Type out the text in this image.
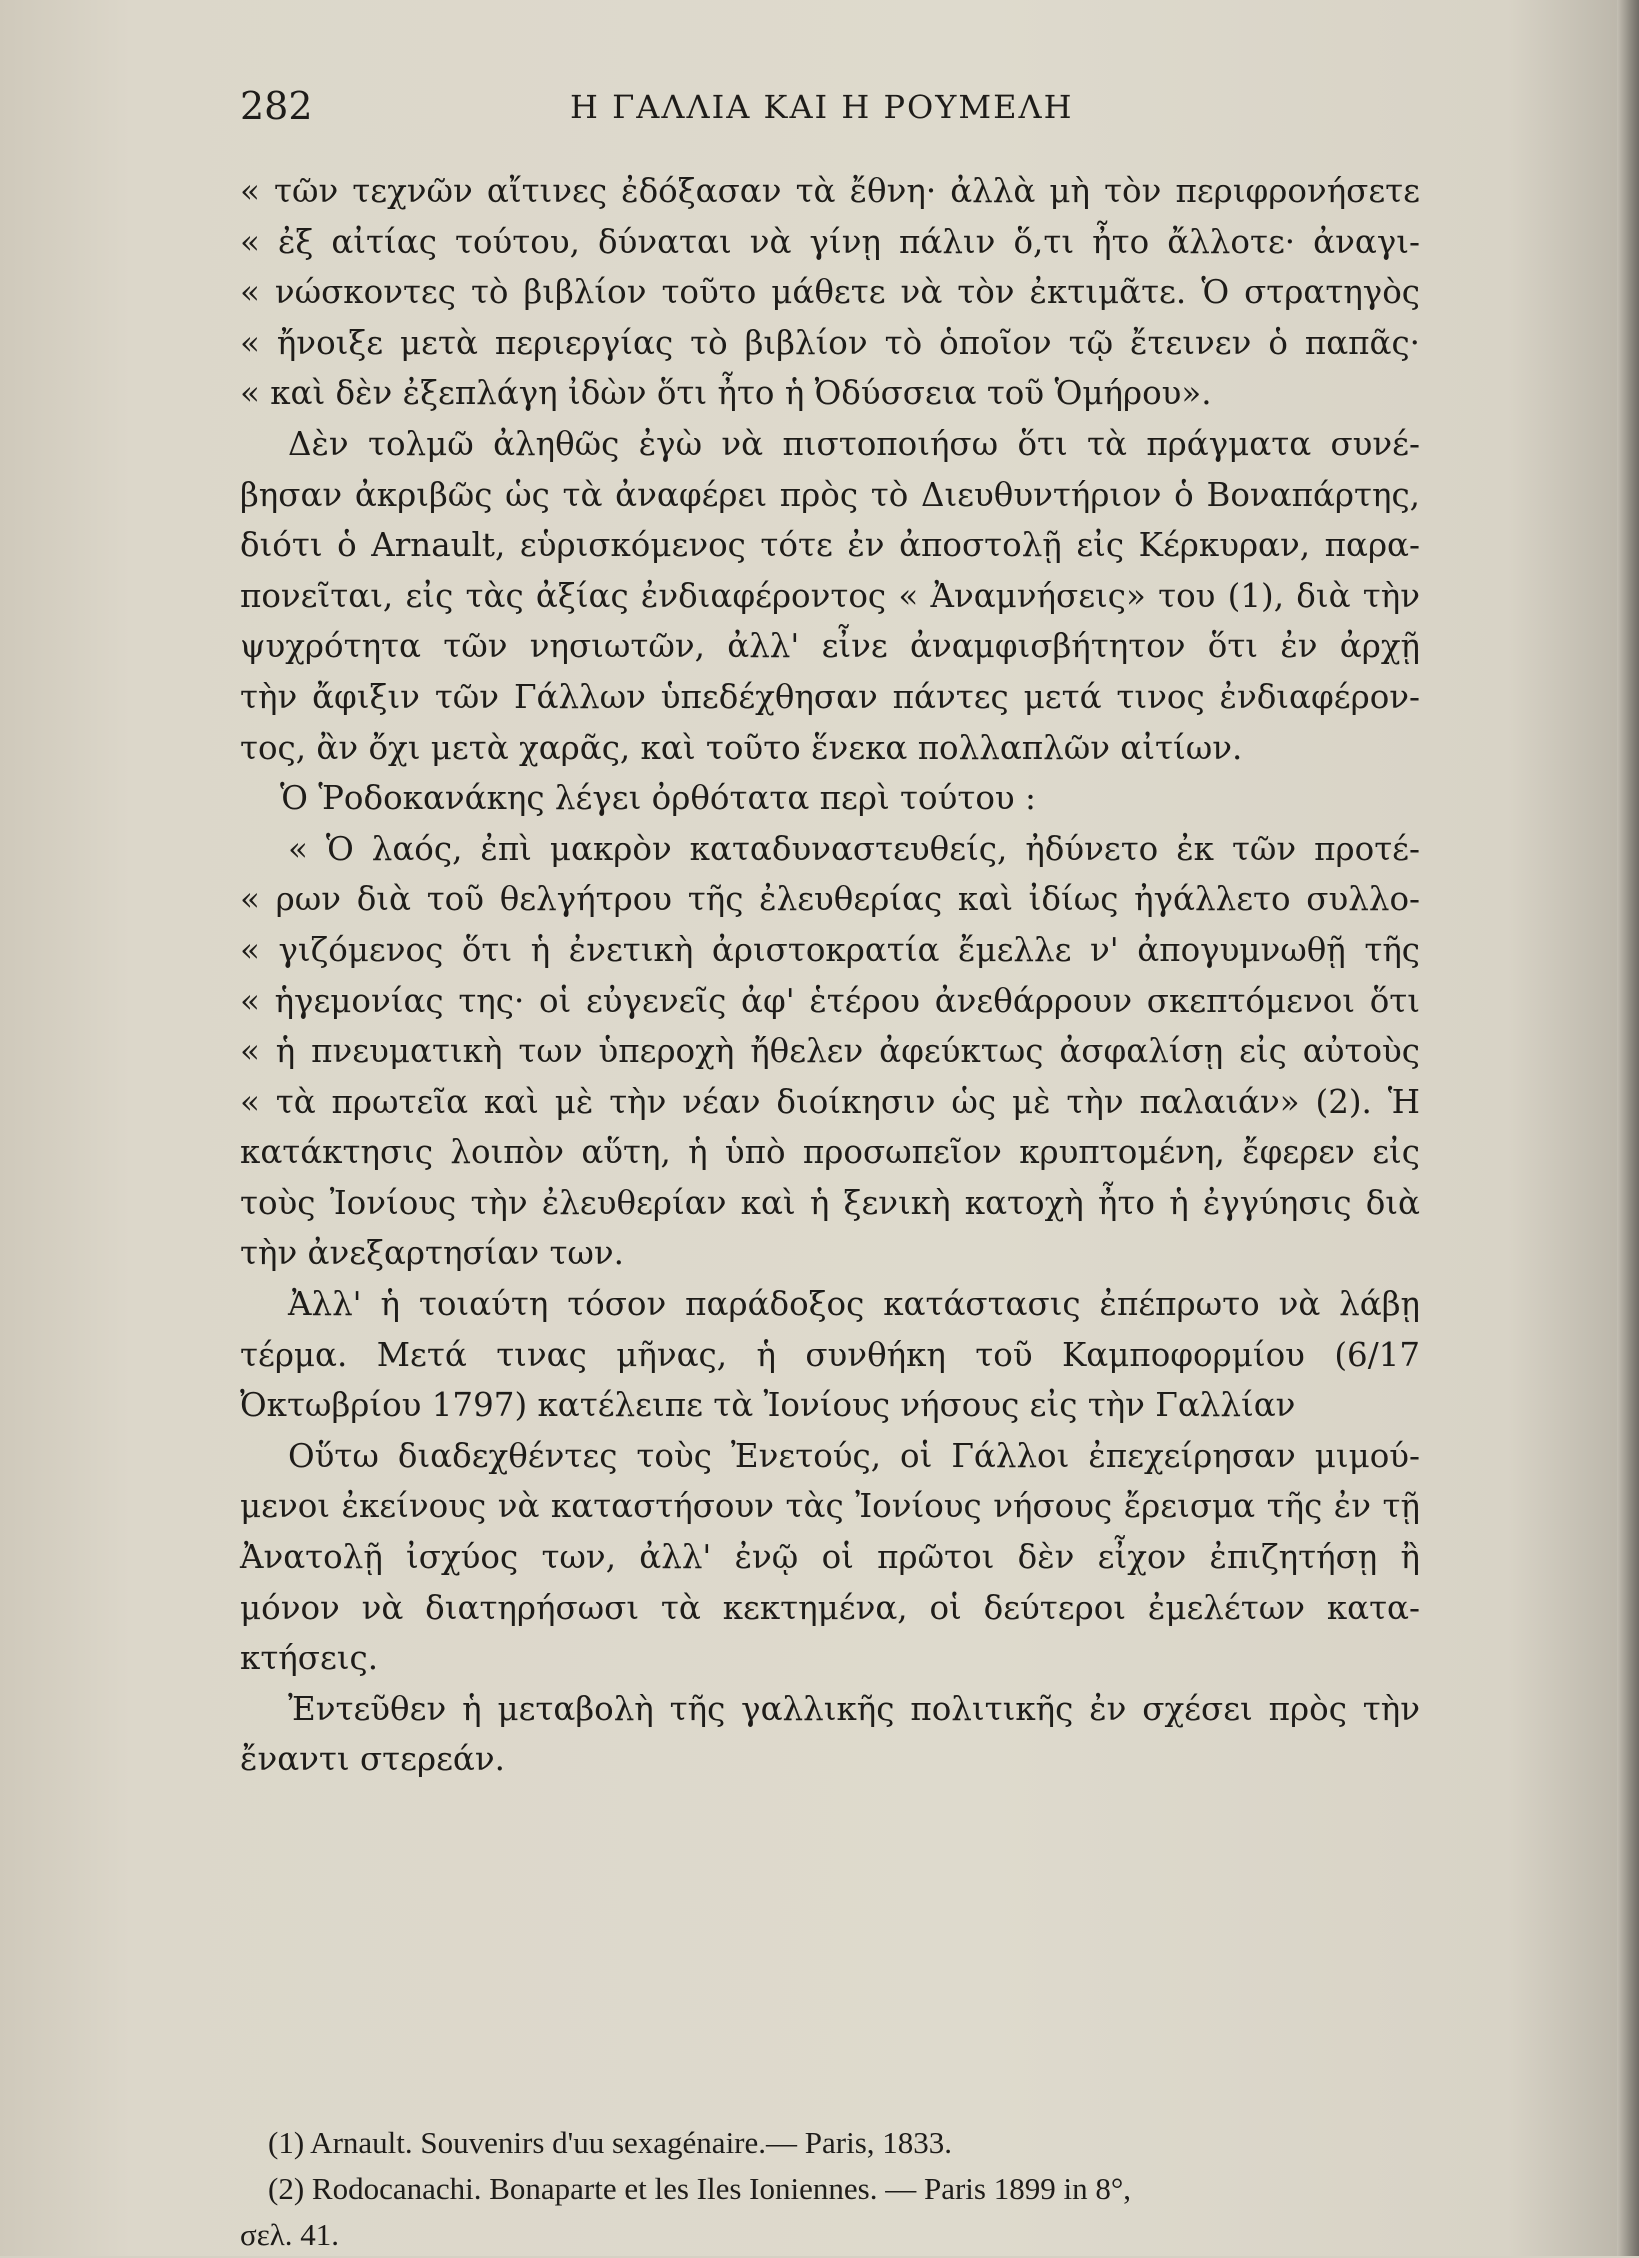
282	Η ΓΑΛΛΙΑ ΚΑΙ Η ΡΟΥΜΕΛΗ
« τῶν τεχνῶν αἴτινες ἐδόξασαν τὰ ἔθνη· ἀλλὰ μὴ τὸν περιφρονήσετε
« ἐξ αἰτίας τούτου, δύναται νὰ γίνῃ πάλιν ὅ,τι ἦτο ἄλλοτε· ἀναγι-
« νώσκοντες τὸ βιβλίον τοῦτο μάθετε νὰ τὸν ἐκτιμᾶτε. Ὁ στρατηγὸς
« ἤνοιξε μετὰ περιεργίας τὸ βιβλίον τὸ ὁποῖον τῷ ἔτεινεν ὁ παπᾶς·
« καὶ δὲν ἐξεπλάγη ἰδὼν ὅτι ἦτο ἡ Ὀδύσσεια τοῦ Ὁμήρου».
Δὲν τολμῶ ἀληθῶς ἐγὼ νὰ πιστοποιήσω ὅτι τὰ πράγματα συνέ-
βησαν ἀκριβῶς ὡς τὰ ἀναφέρει πρὸς τὸ Διευθυντήριον ὁ Βοναπάρτης,
διότι ὁ Arnault, εὑρισκόμενος τότε ἐν ἀποστολῇ εἰς Κέρκυραν, παρα-
πονεῖται, εἰς τὰς ἀξίας ἐνδιαφέροντος « Ἀναμνήσεις» του (1), διὰ τὴν
ψυχρότητα τῶν νησιωτῶν, ἀλλ' εἶνε ἀναμφισβήτητον ὅτι ἐν ἀρχῇ
τὴν ἄφιξιν τῶν Γάλλων ὑπεδέχθησαν πάντες μετά τινος ἐνδιαφέρον-
τος, ἂν ὄχι μετὰ χαρᾶς, καὶ τοῦτο ἕνεκα πολλαπλῶν αἰτίων.
Ὁ Ῥοδοκανάκης λέγει ὀρθότατα περὶ τούτου :
« Ὁ λαός, ἐπὶ μακρὸν καταδυναστευθείς, ἠδύνετο ἐκ τῶν προτέ-
« ρων διὰ τοῦ θελγήτρου τῆς ἐλευθερίας καὶ ἰδίως ἠγάλλετο συλλο-
« γιζόμενος ὅτι ἡ ἐνετικὴ ἀριστοκρατία ἔμελλε ν' ἀπογυμνωθῇ τῆς
« ἡγεμονίας της· οἱ εὐγενεῖς ἀφ' ἑτέρου ἀνεθάρρουν σκεπτόμενοι ὅτι
« ἡ πνευματικὴ των ὑπεροχὴ ἤθελεν ἀφεύκτως ἀσφαλίσῃ εἰς αὐτοὺς
« τὰ πρωτεῖα καὶ μὲ τὴν νέαν διοίκησιν ὡς μὲ τὴν παλαιάν» (2). Ἡ
κατάκτησις λοιπὸν αὕτη, ἡ ὑπὸ προσωπεῖον κρυπτομένη, ἔφερεν εἰς
τοὺς Ἰονίους τὴν ἐλευθερίαν καὶ ἡ ξενικὴ κατοχὴ ἦτο ἡ ἐγγύησις διὰ
τὴν ἀνεξαρτησίαν των.
Ἀλλ' ἡ τοιαύτη τόσον παράδοξος κατάστασις ἐπέπρωτο νὰ λάβῃ
τέρμα. Μετά τινας μῆνας, ἡ συνθήκη τοῦ Καμποφορμίου (6/17
Ὀκτωβρίου 1797) κατέλειπε τὰ Ἰονίους νήσους εἰς τὴν Γαλλίαν
Οὕτω διαδεχθέντες τοὺς Ἐνετούς, οἱ Γάλλοι ἐπεχείρησαν μιμού-
μενοι ἐκείνους νὰ καταστήσουν τὰς Ἰονίους νήσους ἔρεισμα τῆς ἐν τῇ
Ἀνατολῇ ἰσχύος των, ἀλλ' ἐνῷ οἱ πρῶτοι δὲν εἶχον ἐπιζητήσῃ ἢ
μόνον νὰ διατηρήσωσι τὰ κεκτημένα, οἱ δεύτεροι ἐμελέτων κατα-
κτήσεις.
Ἐντεῦθεν ἡ μεταβολὴ τῆς γαλλικῆς πολιτικῆς ἐν σχέσει πρὸς τὴν
ἔναντι στερεάν.
(1) Arnault. Souvenirs d'uu sexagénaire.— Paris, 1833.
(2) Rodocanachi. Bonaparte et les Iles Ioniennes. — Paris 1899 in 8°,
σελ. 41.
